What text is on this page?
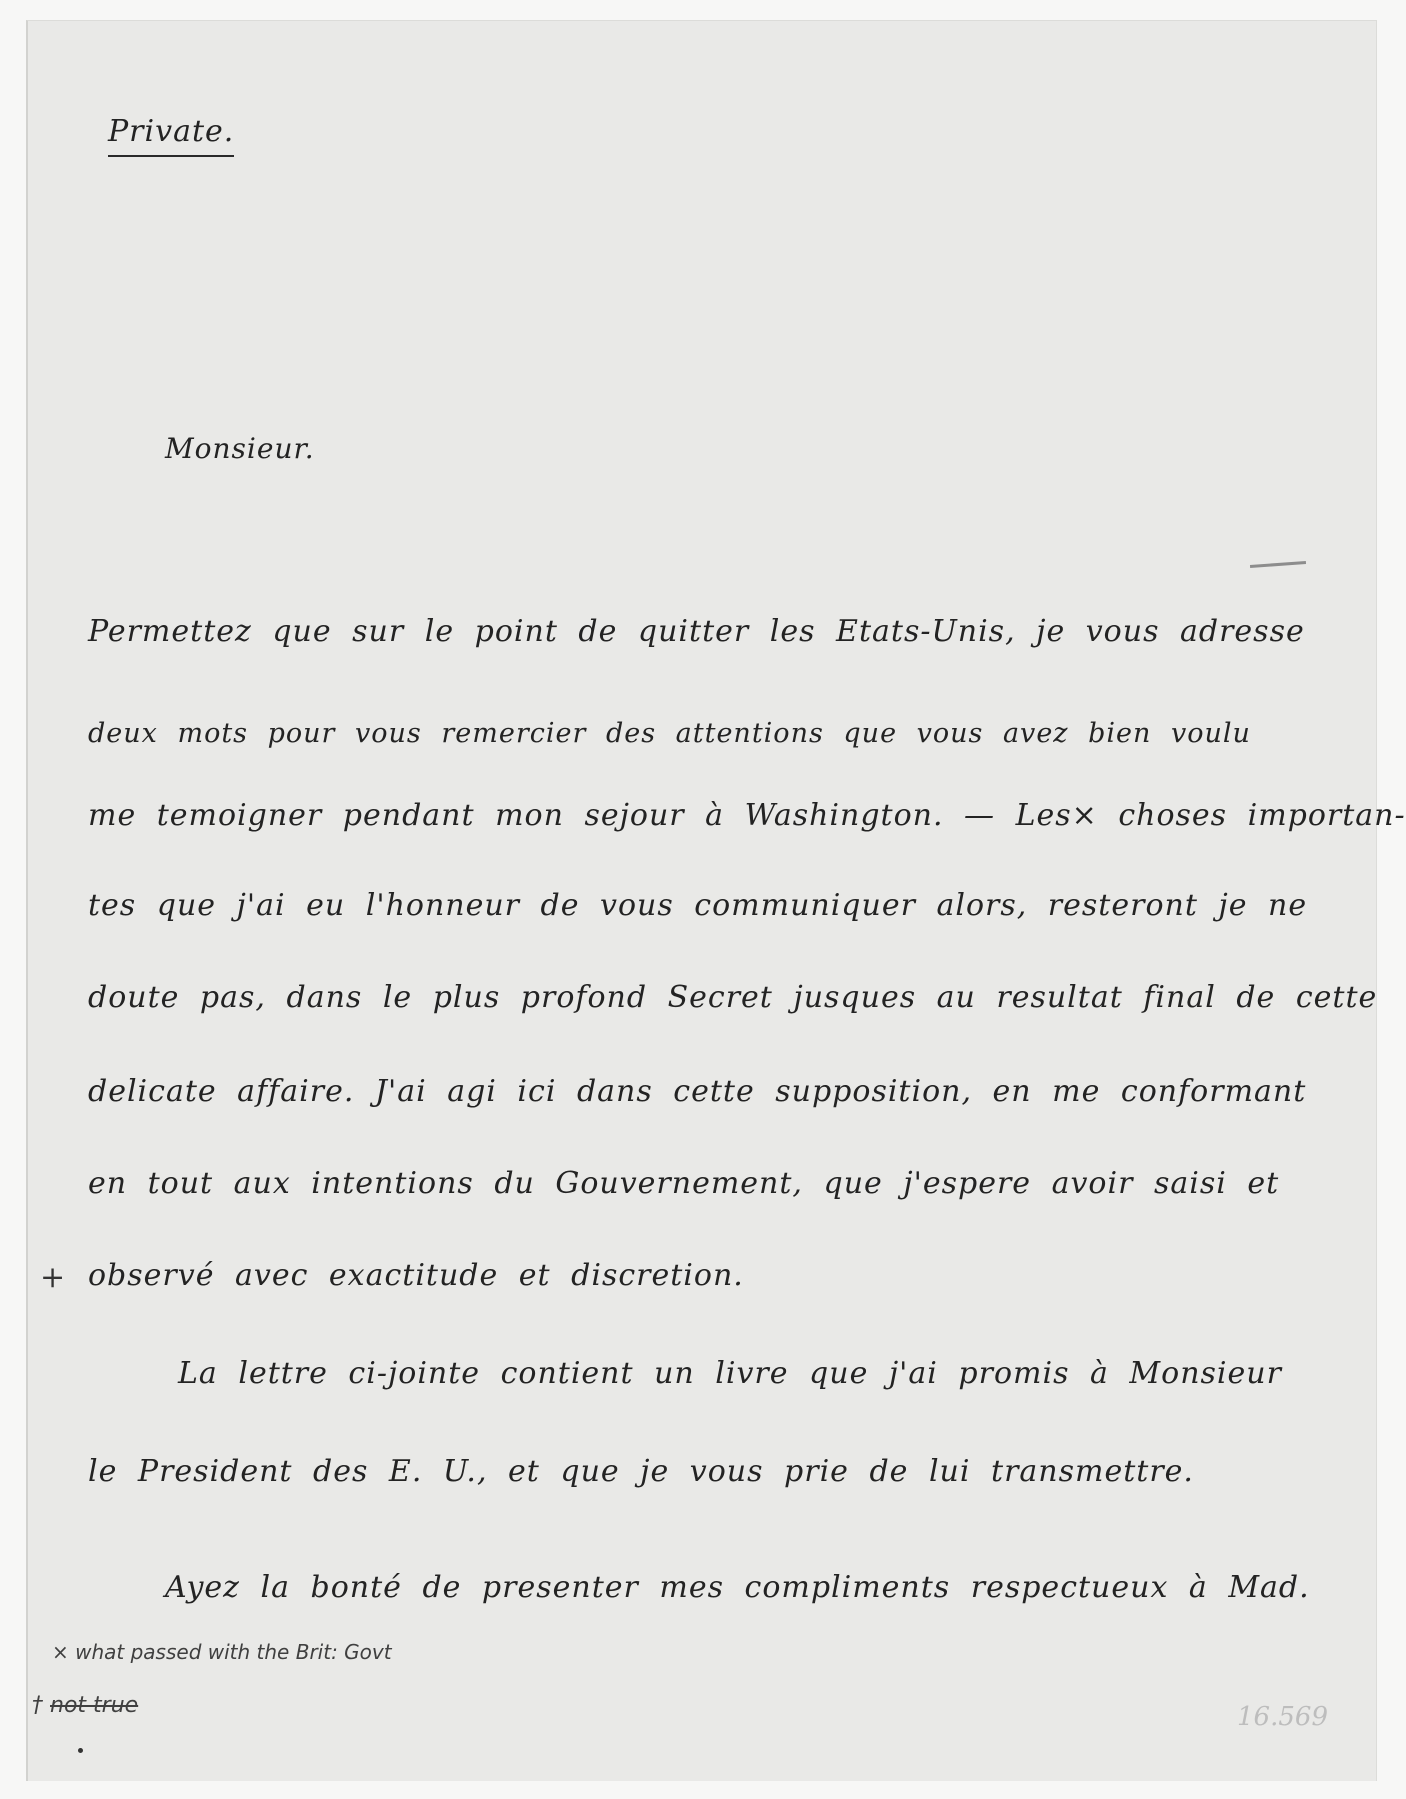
Private.
Monsieur.
Permettez que sur le point de quitter les Etats-Unis, je vous adresse
deux mots pour vous remercier des attentions que vous avez bien voulu
me temoigner pendant mon sejour à Washington. — Les× choses importan-
tes que j'ai eu l'honneur de vous communiquer alors, resteront je ne
doute pas, dans le plus profond Secret jusques au resultat final de cette
delicate affaire. J'ai agi ici dans cette supposition, en me conformant
en tout aux intentions du Gouvernement, que j'espere avoir saisi et
observé avec exactitude et discretion.
La lettre ci-jointe contient un livre que j'ai promis à Monsieur
le President des E. U., et que je vous prie de lui transmettre.
Ayez la bonté de presenter mes compliments respectueux à Mad.
+
× what passed with the Brit: Govt
† not true	16.569
